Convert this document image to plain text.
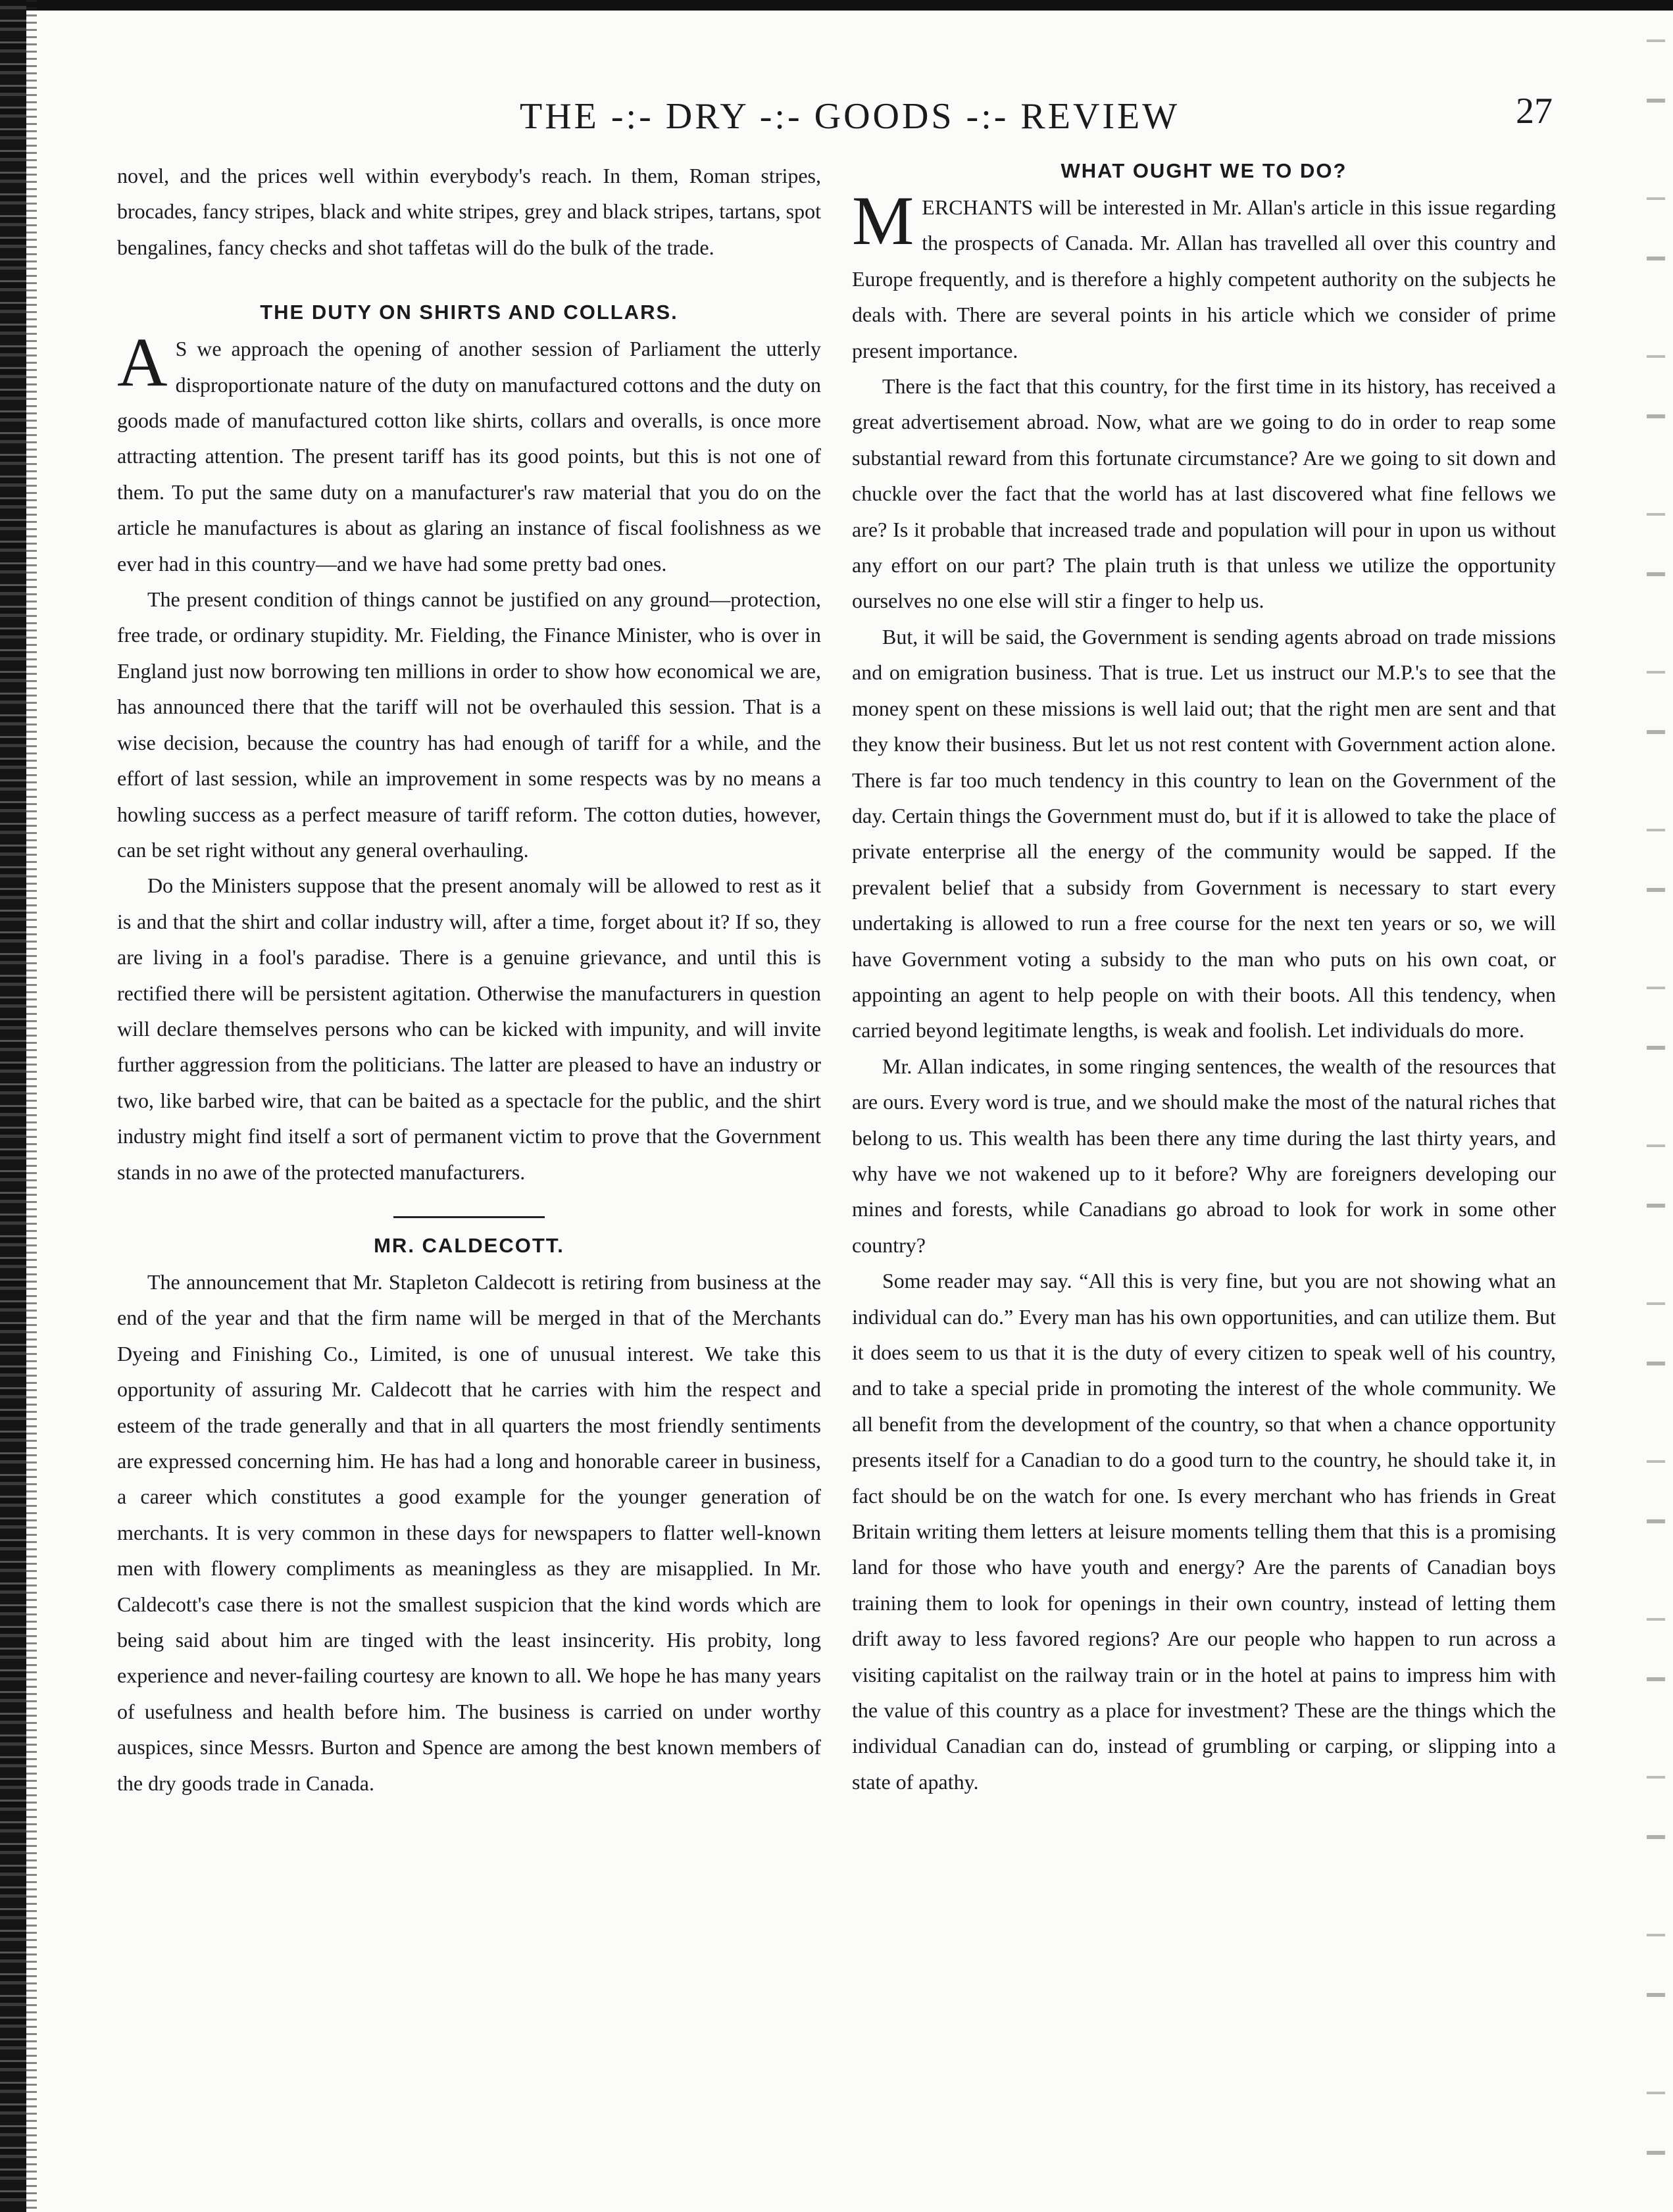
THE -:- DRY -:- GOODS -:- REVIEW	27

novel, and the prices well within everybody's reach. In them, Roman stripes, brocades, fancy stripes, black and white stripes, grey and black stripes, tartans, spot bengalines, fancy checks and shot taffetas will do the bulk of the trade.

THE DUTY ON SHIRTS AND COLLARS.

A S we approach the opening of another session of Parliament the utterly disproportionate nature of the duty on manufactured cottons and the duty on goods made of manufactured cotton like shirts, collars and overalls, is once more attracting attention. The present tariff has its good points, but this is not one of them. To put the same duty on a manufacturer's raw material that you do on the article he manufactures is about as glaring an instance of fiscal foolishness as we ever had in this country—and we have had some pretty bad ones.

The present condition of things cannot be justified on any ground—protection, free trade, or ordinary stupidity. Mr. Fielding, the Finance Minister, who is over in England just now borrowing ten millions in order to show how economical we are, has announced there that the tariff will not be overhauled this session. That is a wise decision, because the country has had enough of tariff for a while, and the effort of last session, while an improvement in some respects was by no means a howling success as a perfect measure of tariff reform. The cotton duties, however, can be set right without any general overhauling.

Do the Ministers suppose that the present anomaly will be allowed to rest as it is and that the shirt and collar industry will, after a time, forget about it? If so, they are living in a fool's paradise. There is a genuine grievance, and until this is rectified there will be persistent agitation. Otherwise the manufacturers in question will declare themselves persons who can be kicked with impunity, and will invite further aggression from the politicians. The latter are pleased to have an industry or two, like barbed wire, that can be baited as a spectacle for the public, and the shirt industry might find itself a sort of permanent victim to prove that the Government stands in no awe of the protected manufacturers.

MR. CALDECOTT.

The announcement that Mr. Stapleton Caldecott is retiring from business at the end of the year and that the firm name will be merged in that of the Merchants Dyeing and Finishing Co., Limited, is one of unusual interest. We take this opportunity of assuring Mr. Caldecott that he carries with him the respect and esteem of the trade generally and that in all quarters the most friendly sentiments are expressed concerning him. He has had a long and honorable career in business, a career which constitutes a good example for the younger generation of merchants. It is very common in these days for newspapers to flatter well-known men with flowery compliments as meaningless as they are misapplied. In Mr. Caldecott's case there is not the smallest suspicion that the kind words which are being said about him are tinged with the least insincerity. His probity, long experience and never-failing courtesy are known to all. We hope he has many years of usefulness and health before him. The business is carried on under worthy auspices, since Messrs. Burton and Spence are among the best known members of the dry goods trade in Canada.

WHAT OUGHT WE TO DO?

MERCHANTS will be interested in Mr. Allan's article in this issue regarding the prospects of Canada. Mr. Allan has travelled all over this country and Europe frequently, and is therefore a highly competent authority on the subjects he deals with. There are several points in his article which we consider of prime present importance.

There is the fact that this country, for the first time in its history, has received a great advertisement abroad. Now, what are we going to do in order to reap some substantial reward from this fortunate circumstance? Are we going to sit down and chuckle over the fact that the world has at last discovered what fine fellows we are? Is it probable that increased trade and population will pour in upon us without any effort on our part? The plain truth is that unless we utilize the opportunity ourselves no one else will stir a finger to help us.

But, it will be said, the Government is sending agents abroad on trade missions and on emigration business. That is true. Let us instruct our M.P.'s to see that the money spent on these missions is well laid out; that the right men are sent and that they know their business. But let us not rest content with Government action alone. There is far too much tendency in this country to lean on the Government of the day. Certain things the Government must do, but if it is allowed to take the place of private enterprise all the energy of the community would be sapped. If the prevalent belief that a subsidy from Government is necessary to start every undertaking is allowed to run a free course for the next ten years or so, we will have Government voting a subsidy to the man who puts on his own coat, or appointing an agent to help people on with their boots. All this tendency, when carried beyond legitimate lengths, is weak and foolish. Let individuals do more.

Mr. Allan indicates, in some ringing sentences, the wealth of the resources that are ours. Every word is true, and we should make the most of the natural riches that belong to us. This wealth has been there any time during the last thirty years, and why have we not wakened up to it before? Why are foreigners developing our mines and forests, while Canadians go abroad to look for work in some other country?

Some reader may say. “All this is very fine, but you are not showing what an individual can do.” Every man has his own opportunities, and can utilize them. But it does seem to us that it is the duty of every citizen to speak well of his country, and to take a special pride in promoting the interest of the whole community. We all benefit from the development of the country, so that when a chance opportunity presents itself for a Canadian to do a good turn to the country, he should take it, in fact should be on the watch for one. Is every merchant who has friends in Great Britain writing them letters at leisure moments telling them that this is a promising land for those who have youth and energy? Are the parents of Canadian boys training them to look for openings in their own country, instead of letting them drift away to less favored regions? Are our people who happen to run across a visiting capitalist on the railway train or in the hotel at pains to impress him with the value of this country as a place for investment? These are the things which the individual Canadian can do, instead of grumbling or carping, or slipping into a state of apathy.
